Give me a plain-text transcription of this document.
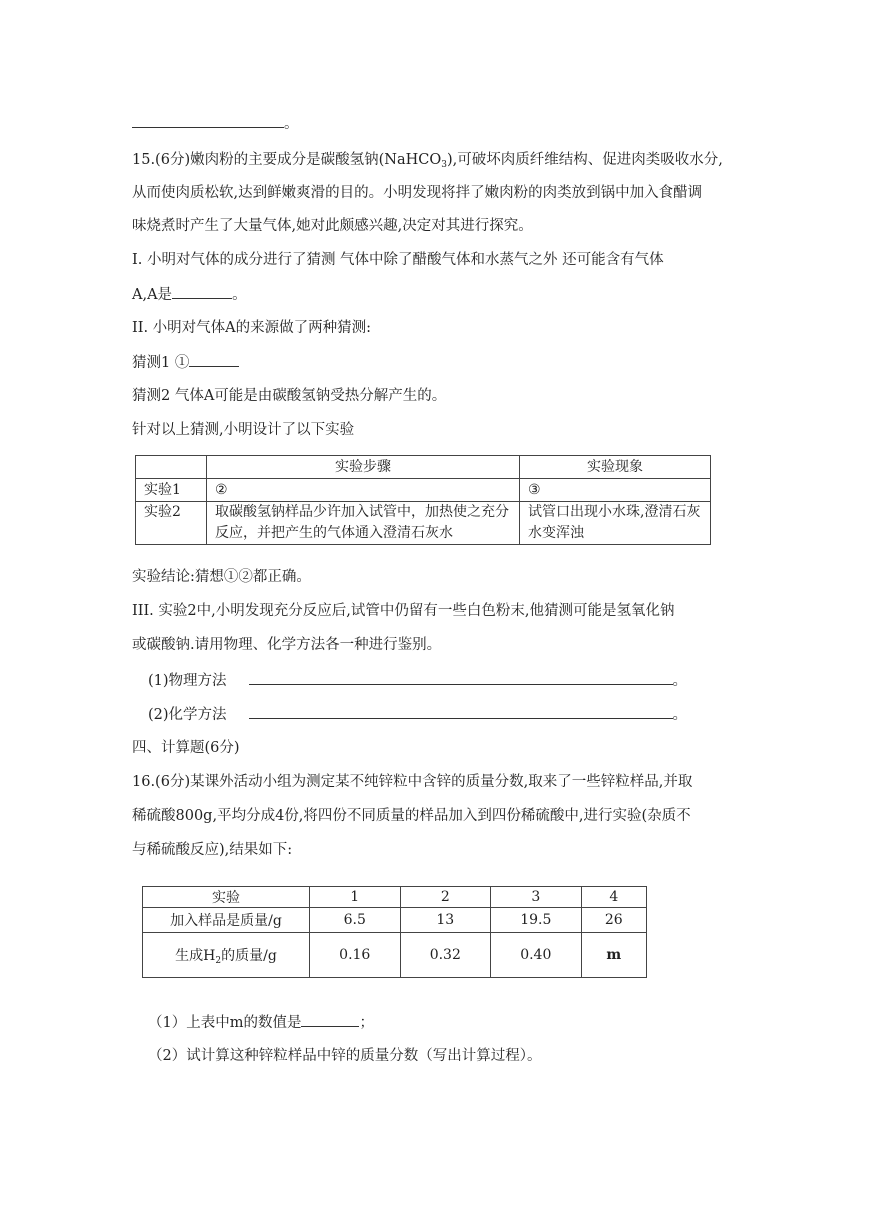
。
15.(6分)嫩肉粉的主要成分是碳酸氢钠(NaHCO$_3$),可破坏肉质纤维结构、促进肉类吸收水分,
从而使肉质松软,达到鲜嫩爽滑的目的。小明发现将拌了嫩肉粉的肉类放到锅中加入食醋调
味烧煮时产生了大量气体,她对此颇感兴趣,决定对其进行探究。
I. 小明对气体的成分进行了猜测 气体中除了醋酸气体和水蒸气之外 还可能含有气体
A,A是	。
II. 小明对气体A的来源做了两种猜测:
猜测1 ①
猜测2 气体A可能是由碳酸氢钠受热分解产生的。
针对以上猜测,小明设计了以下实验
	实验步骤	实验现象
实验1	②	③
实验2	取碳酸氢钠样品少许加入试管中，加热使之充分反应，并把产生的气体通入澄清石灰水	试管口出现小水珠,澄清石灰水变浑浊
实验结论:猜想①②都正确。
III. 实验2中,小明发现充分反应后,试管中仍留有一些白色粉末,他猜测可能是氢氧化钠
或碳酸钠.请用物理、化学方法各一种进行鉴别。
(1)物理方法	。
(2)化学方法	。
四、计算题(6分)
16.(6分)某课外活动小组为测定某不纯锌粒中含锌的质量分数,取来了一些锌粒样品,并取
稀硫酸800g,平均分成4份,将四份不同质量的样品加入到四份稀硫酸中,进行实验(杂质不
与稀硫酸反应),结果如下:
实验	1	2	3	4
加入样品是质量/g	6.5	13	19.5	26
生成$H_2$的质量/g	0.16	0.32	0.40	m
（1）上表中m的数值是	；
（2）试计算这种锌粒样品中锌的质量分数（写出计算过程）。
